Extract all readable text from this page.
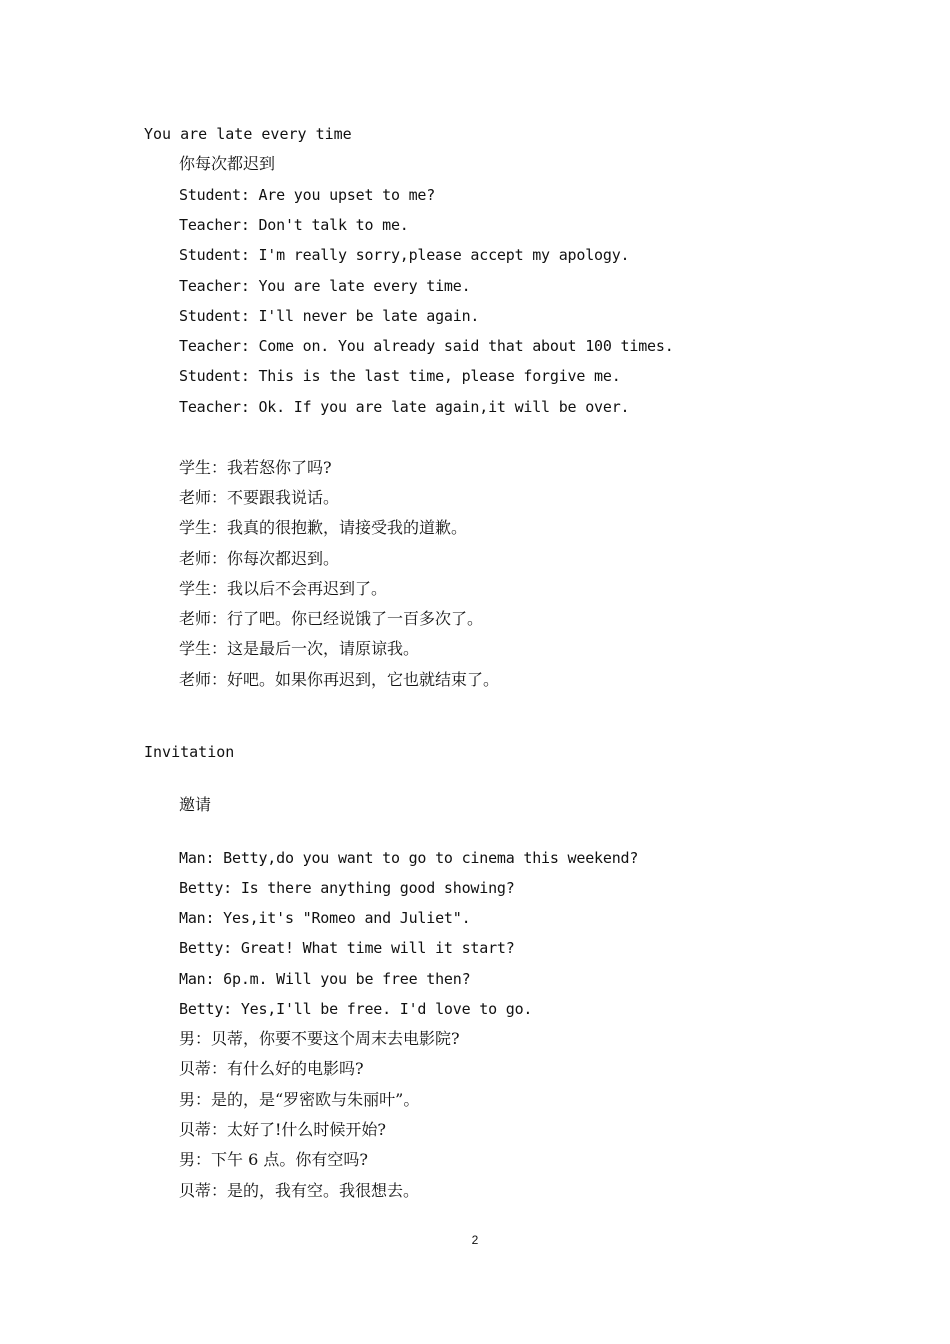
You are late every time
你每次都迟到
Student: Are you upset to me?
Teacher: Don't talk to me.
Student: I'm really sorry,please accept my apology.
Teacher: You are late every time.
Student: I'll never be late again.
Teacher: Come on. You already said that about 100 times.
Student: This is the last time, please forgive me.
Teacher: Ok. If you are late again,it will be over.
学生：我若怒你了吗?
老师：不要跟我说话。
学生：我真的很抱歉，请接受我的道歉。
老师：你每次都迟到。
学生：我以后不会再迟到了。
老师：行了吧。你已经说饿了一百多次了。
学生：这是最后一次，请原谅我。
老师：好吧。如果你再迟到，它也就结束了。
Invitation
邀请
Man: Betty,do you want to go to cinema this weekend?
Betty: Is there anything good showing?
Man: Yes,it's "Romeo and Juliet".
Betty: Great! What time will it start?
Man: 6p.m. Will you be free then?
Betty: Yes,I'll be free. I'd love to go.
男：贝蒂，你要不要这个周末去电影院?
贝蒂：有什么好的电影吗?
男：是的，是“罗密欧与朱丽叶”。
贝蒂：太好了!什么时候开始?
男：下午 6 点。你有空吗?
贝蒂：是的，我有空。我很想去。
2
